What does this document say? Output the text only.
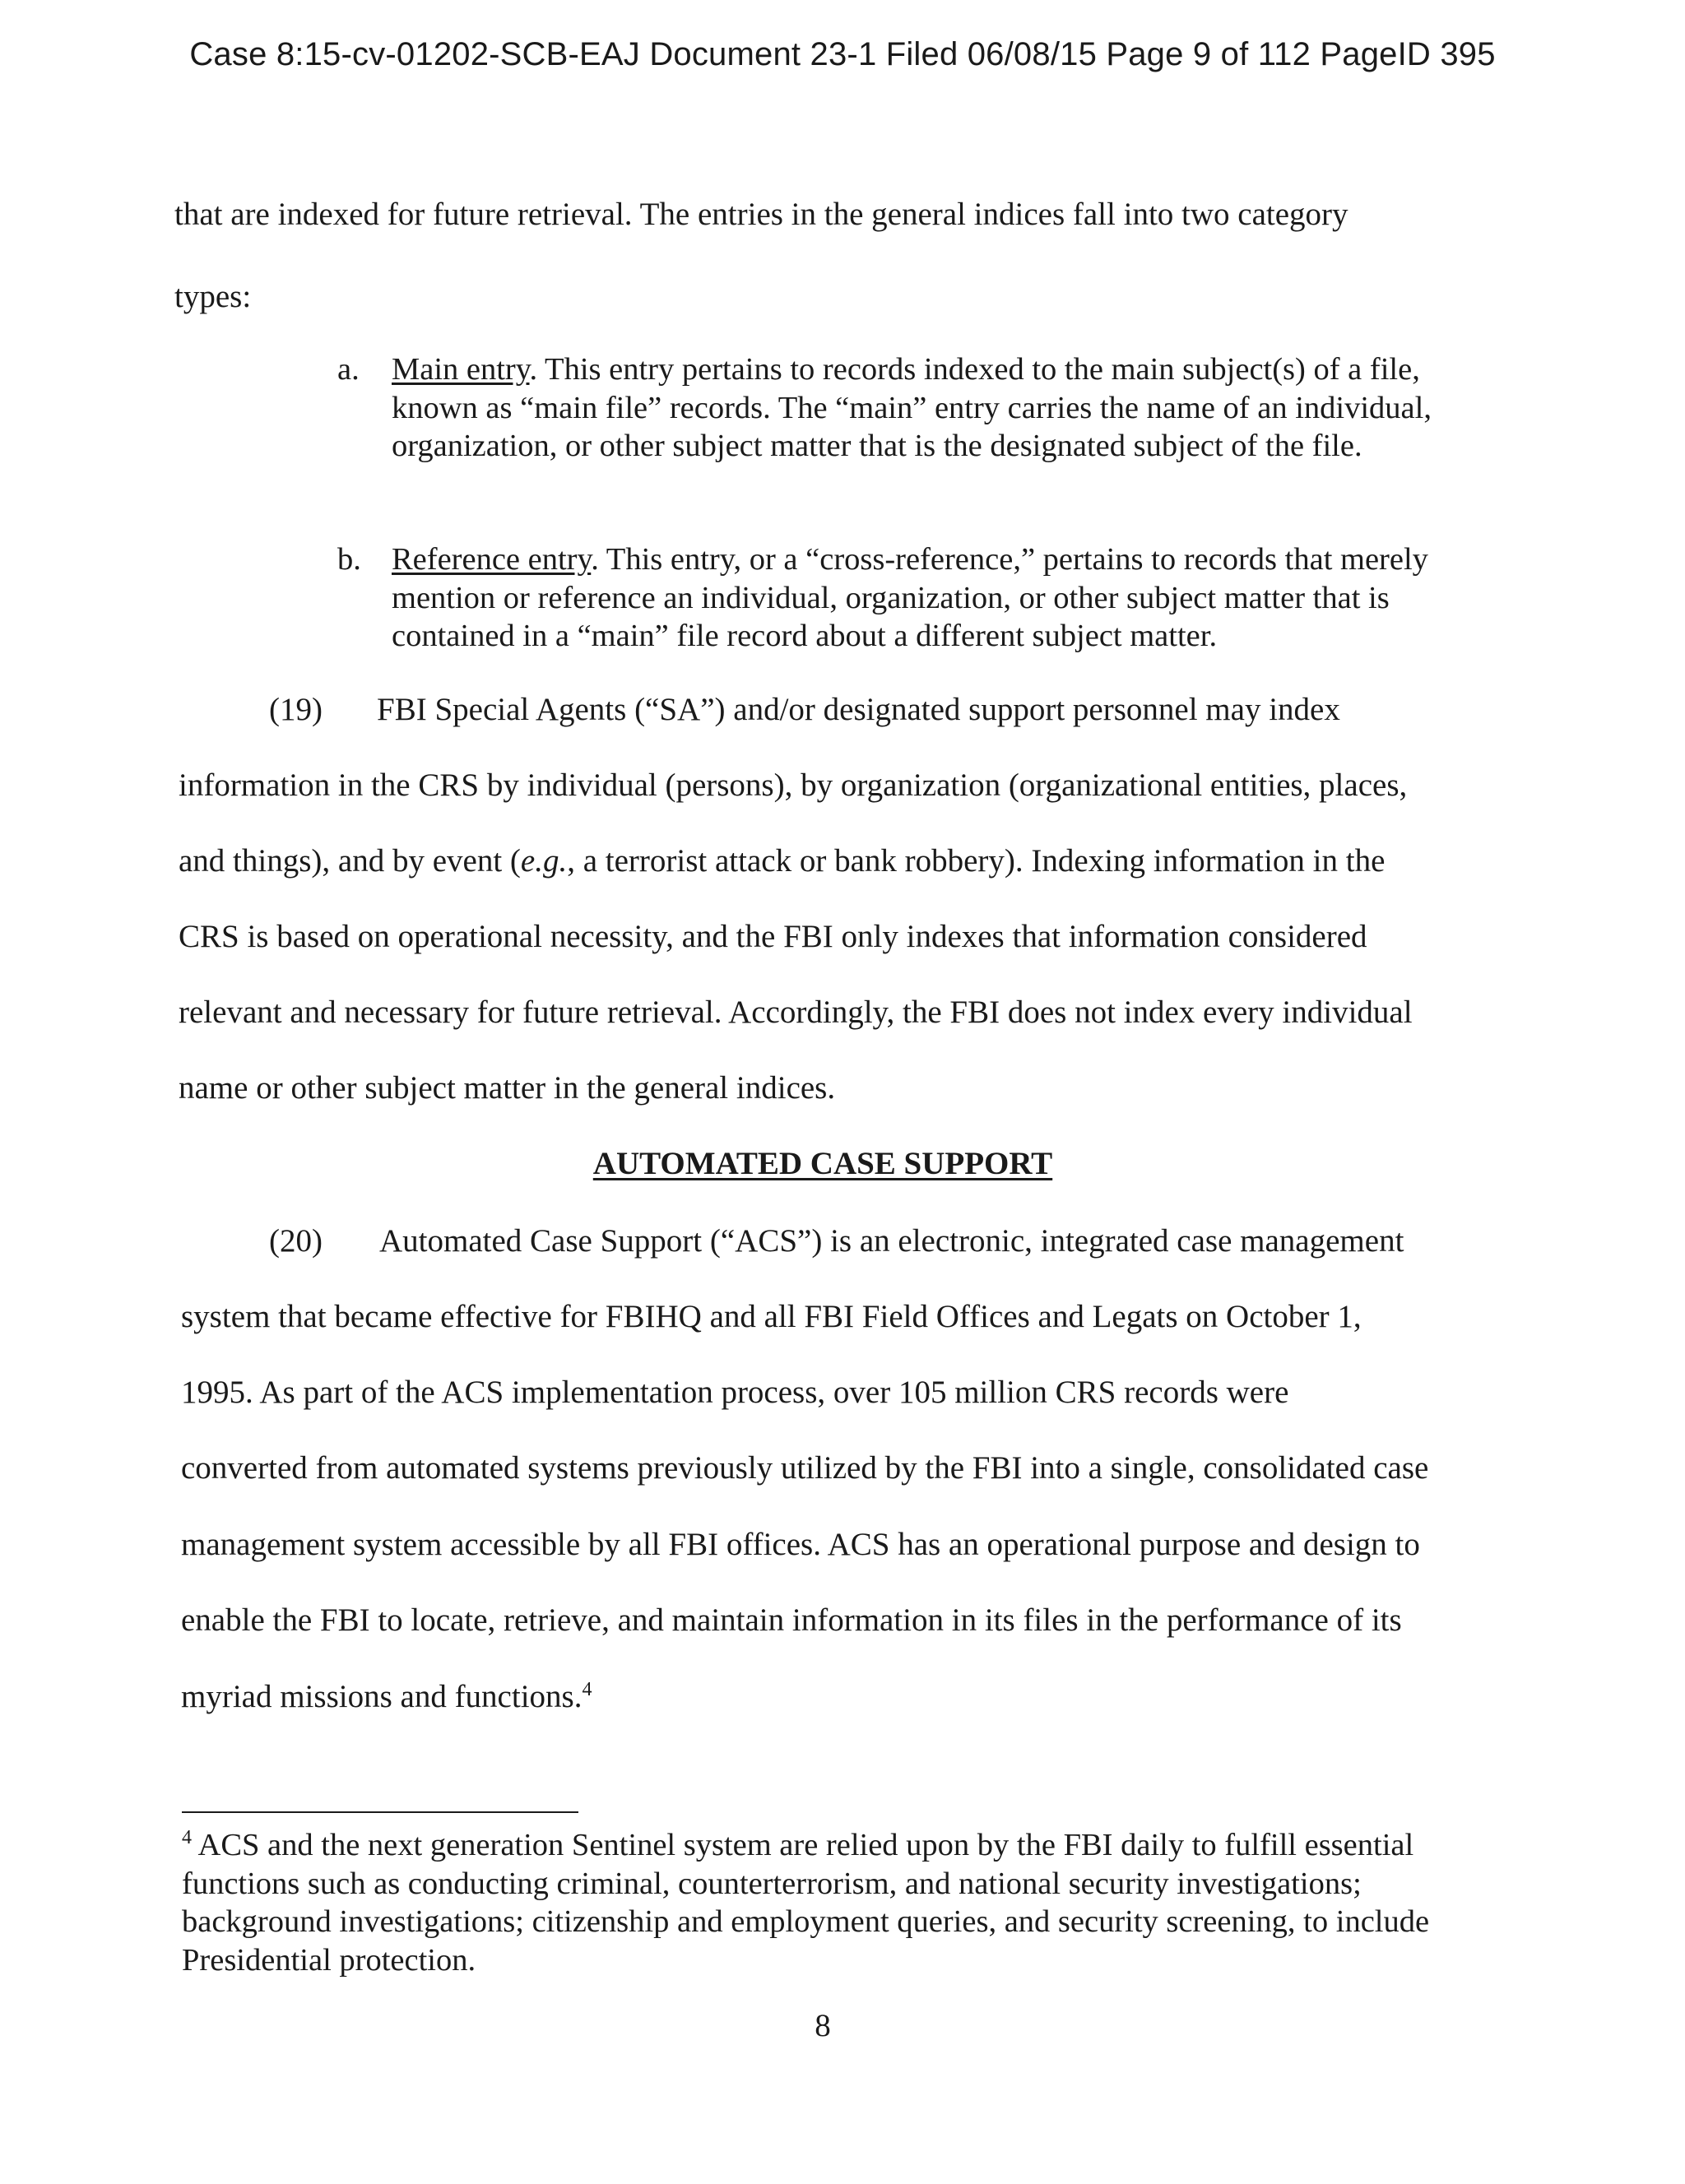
Case 8:15-cv-01202-SCB-EAJ Document 23-1 Filed 06/08/15 Page 9 of 112 PageID 395
that are indexed for future retrieval. The entries in the general indices fall into two category
types:
a. Main entry. This entry pertains to records indexed to the main subject(s) of a file, known as “main file” records. The “main” entry carries the name of an individual, organization, or other subject matter that is the designated subject of the file.
b. Reference entry. This entry, or a “cross-reference,” pertains to records that merely mention or reference an individual, organization, or other subject matter that is contained in a “main” file record about a different subject matter.
(19) FBI Special Agents (“SA”) and/or designated support personnel may index
information in the CRS by individual (persons), by organization (organizational entities, places,
and things), and by event (e.g., a terrorist attack or bank robbery). Indexing information in the
CRS is based on operational necessity, and the FBI only indexes that information considered
relevant and necessary for future retrieval. Accordingly, the FBI does not index every individual
name or other subject matter in the general indices.
AUTOMATED CASE SUPPORT
(20) Automated Case Support (“ACS”) is an electronic, integrated case management
system that became effective for FBIHQ and all FBI Field Offices and Legats on October 1,
1995. As part of the ACS implementation process, over 105 million CRS records were
converted from automated systems previously utilized by the FBI into a single, consolidated case
management system accessible by all FBI offices. ACS has an operational purpose and design to
enable the FBI to locate, retrieve, and maintain information in its files in the performance of its
myriad missions and functions.$^4$
$^4$ ACS and the next generation Sentinel system are relied upon by the FBI daily to fulfill essential functions such as conducting criminal, counterterrorism, and national security investigations; background investigations; citizenship and employment queries, and security screening, to include Presidential protection.
8
